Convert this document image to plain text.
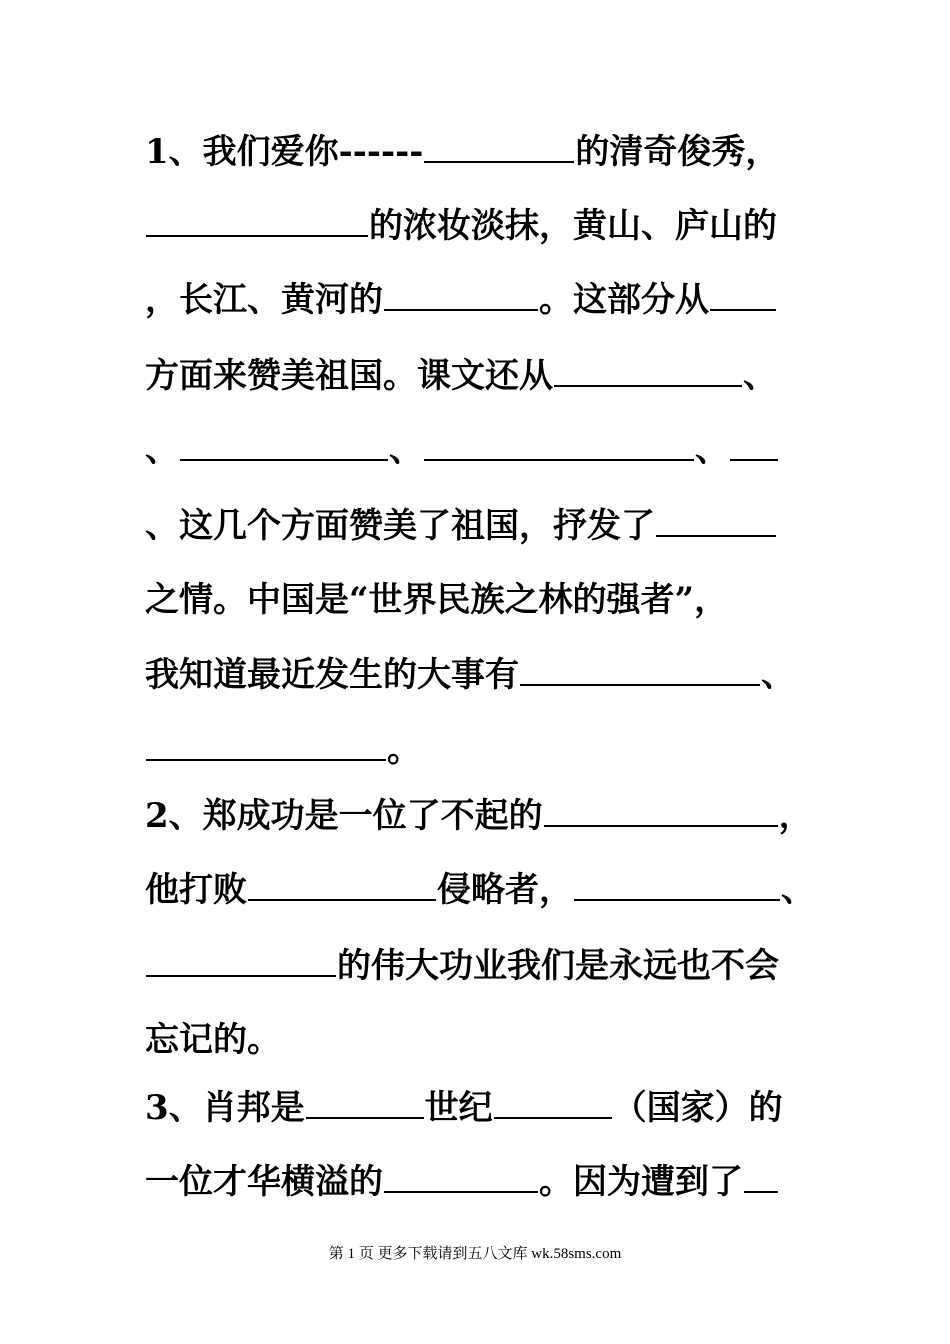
1、我们爱你------	的清奇俊秀，
的浓妆淡抹，黄山、庐山的
，长江、黄河的	。这部分从
方面来赞美祖国。课文还从	、
、	、	、
、这几个方面赞美了祖国，抒发了
之情。中国是“世界民族之林的强者”，
我知道最近发生的大事有	、
。
2、郑成功是一位了不起的	，
他打败	侵略者，	、
的伟大功业我们是永远也不会
忘记的。
3、肖邦是	世纪	（国家）的
一位才华横溢的	。因为遭到了
第 1 页 更多下载请到五八文库 wk.58sms.com
